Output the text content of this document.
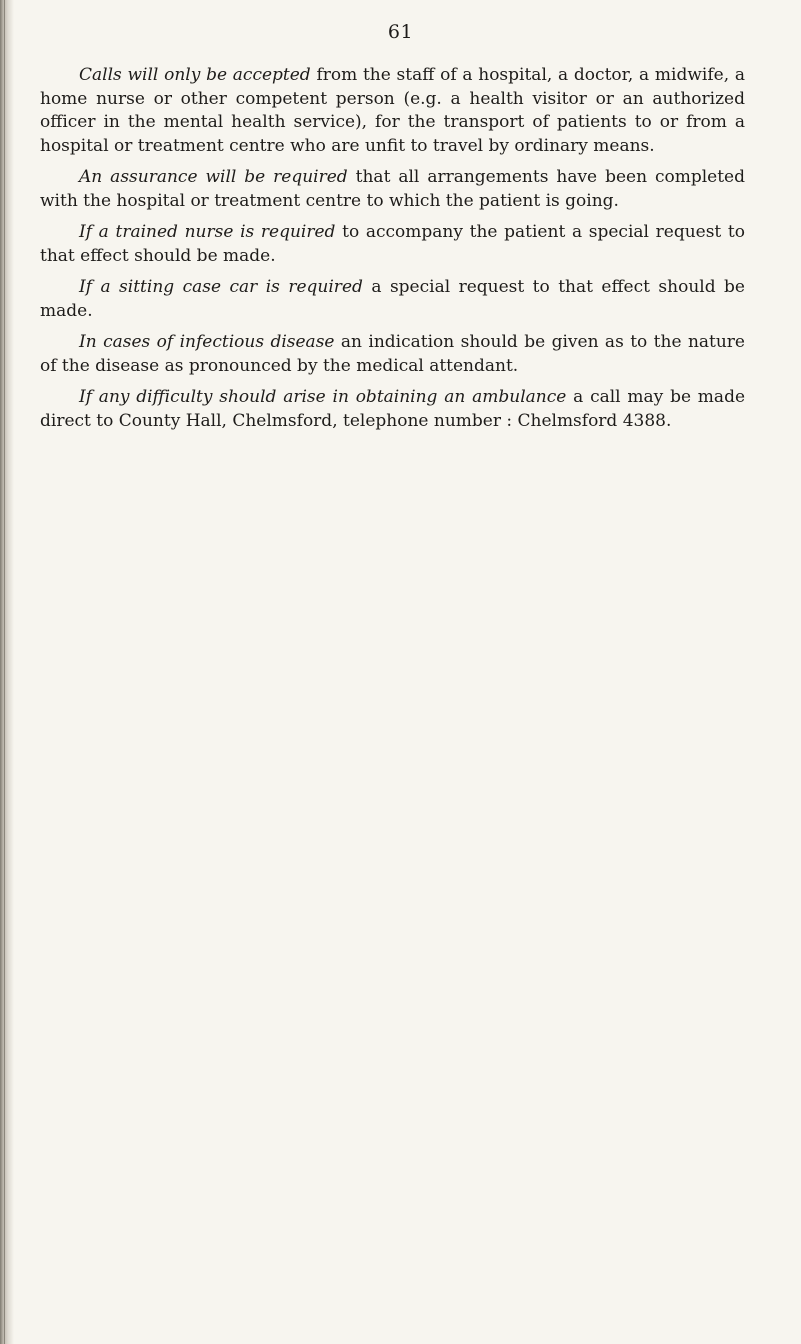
61

Calls will only be accepted from the staff of a hospital, a doctor, a midwife, a home nurse or other competent person (e.g. a health visitor or an authorized officer in the mental health service), for the transport of patients to or from a hospital or treatment centre who are unfit to travel by ordinary means.

An assurance will be required that all arrangements have been completed with the hospital or treatment centre to which the patient is going.

If a trained nurse is required to accompany the patient a special request to that effect should be made.

If a sitting case car is required a special request to that effect should be made.

In cases of infectious disease an indication should be given as to the nature of the disease as pronounced by the medical attendant.

If any difficulty should arise in obtaining an ambulance a call may be made direct to County Hall, Chelmsford, telephone number : Chelmsford 4388.
